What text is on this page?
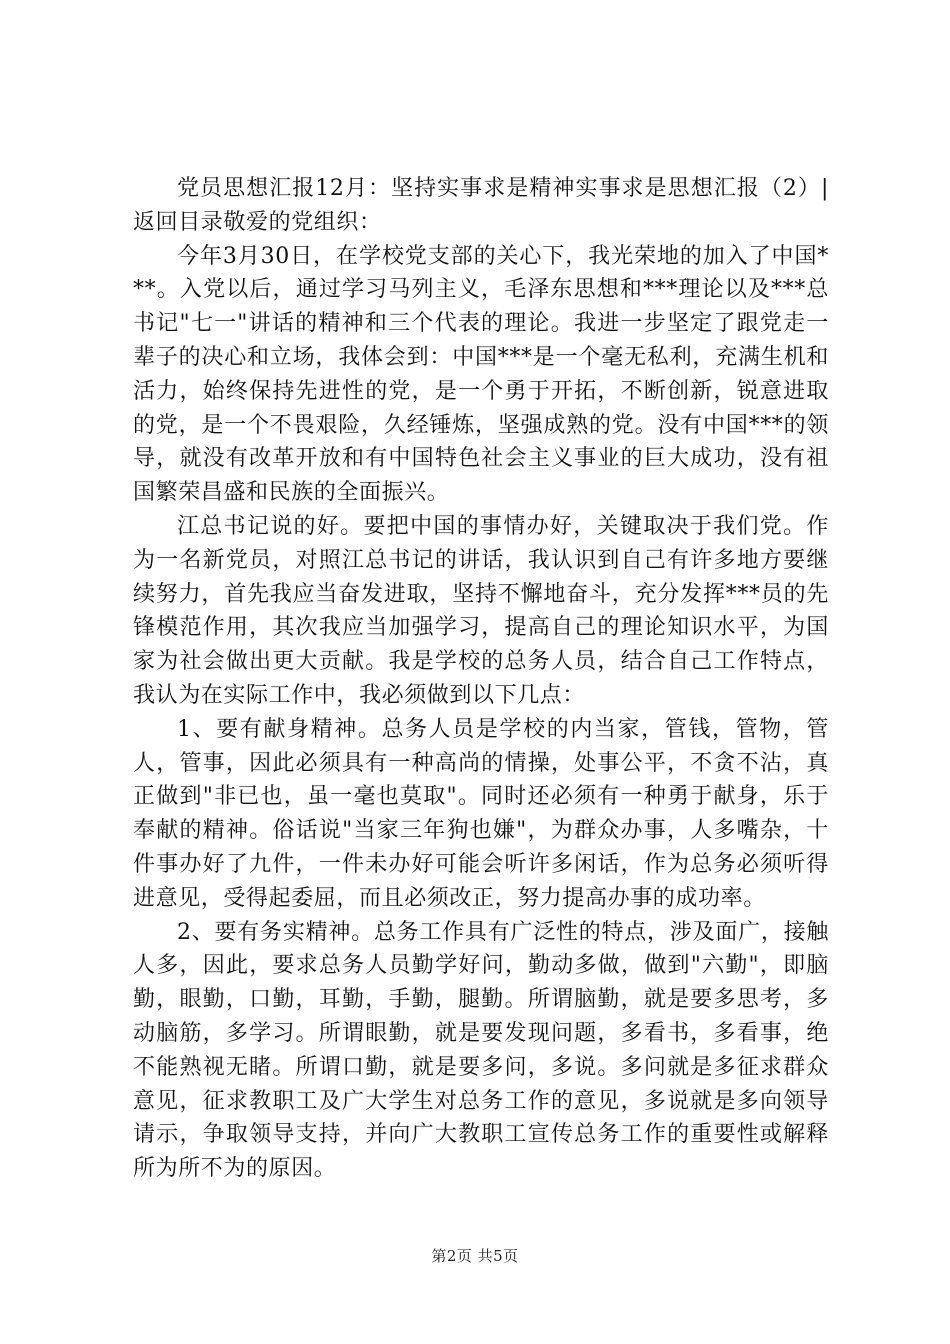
党员思想汇报12月：坚持实事求是精神实事求是思想汇报（2）|返回目录敬爱的党组织：

今年3月30日，在学校党支部的关心下，我光荣地的加入了中国***。入党以后，通过学习马列主义，毛泽东思想和***理论以及***总书记"七一"讲话的精神和三个代表的理论。我进一步坚定了跟党走一辈子的决心和立场，我体会到：中国***是一个毫无私利，充满生机和活力，始终保持先进性的党，是一个勇于开拓，不断创新，锐意进取的党，是一个不畏艰险，久经锤炼，坚强成熟的党。没有中国***的领导，就没有改革开放和有中国特色社会主义事业的巨大成功，没有祖国繁荣昌盛和民族的全面振兴。

江总书记说的好。要把中国的事情办好，关键取决于我们党。作为一名新党员，对照江总书记的讲话，我认识到自己有许多地方要继续努力，首先我应当奋发进取，坚持不懈地奋斗，充分发挥***员的先锋模范作用，其次我应当加强学习，提高自己的理论知识水平，为国家为社会做出更大贡献。我是学校的总务人员，结合自己工作特点，我认为在实际工作中，我必须做到以下几点：

1、要有献身精神。总务人员是学校的内当家，管钱，管物，管人，管事，因此必须具有一种高尚的情操，处事公平，不贪不沾，真正做到"非已也，虽一毫也莫取"。同时还必须有一种勇于献身，乐于奉献的精神。俗话说"当家三年狗也嫌"，为群众办事，人多嘴杂，十件事办好了九件，一件未办好可能会听许多闲话，作为总务必须听得进意见，受得起委屈，而且必须改正，努力提高办事的成功率。

2、要有务实精神。总务工作具有广泛性的特点，涉及面广，接触人多，因此，要求总务人员勤学好问，勤动多做，做到"六勤"，即脑勤，眼勤，口勤，耳勤，手勤，腿勤。所谓脑勤，就是要多思考，多动脑筋，多学习。所谓眼勤，就是要发现问题，多看书，多看事，绝不能熟视无睹。所谓口勤，就是要多问，多说。多问就是多征求群众意见，征求教职工及广大学生对总务工作的意见，多说就是多向领导请示，争取领导支持，并向广大教职工宣传总务工作的重要性或解释所为所不为的原因。

第2页 共5页
